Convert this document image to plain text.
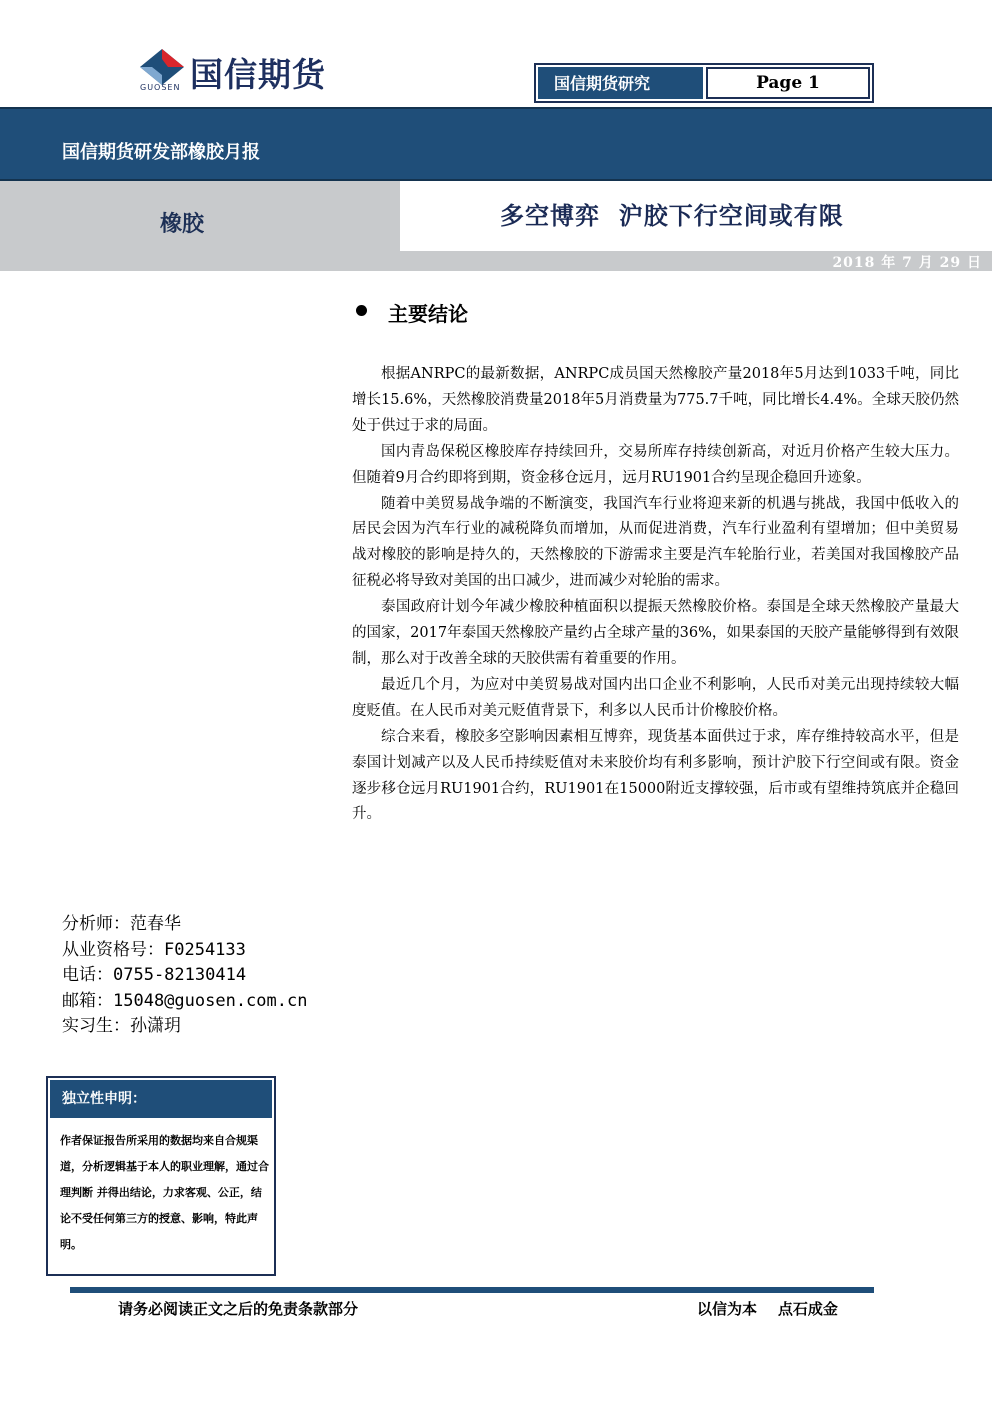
国信期货
GUOSEN	国信期货研究	Page 1
国信期货研发部橡胶月报
橡胶	多空博弈  沪胶下行空间或有限
2018 年 7 月 29 日
主要结论

根据ANRPC的最新数据，ANRPC成员国天然橡胶产量2018年5月达到1033千吨，同比增长15.6%，天然橡胶消费量2018年5月消费量为775.7千吨，同比增长4.4%。全球天胶仍然处于供过于求的局面。

国内青岛保税区橡胶库存持续回升，交易所库存持续创新高，对近月价格产生较大压力。但随着9月合约即将到期，资金移仓远月，远月RU1901合约呈现企稳回升迹象。

随着中美贸易战争端的不断演变，我国汽车行业将迎来新的机遇与挑战，我国中低收入的居民会因为汽车行业的减税降负而增加，从而促进消费，汽车行业盈利有望增加；但中美贸易战对橡胶的影响是持久的，天然橡胶的下游需求主要是汽车轮胎行业，若美国对我国橡胶产品征税必将导致对美国的出口减少，进而减少对轮胎的需求。

泰国政府计划今年减少橡胶种植面积以提振天然橡胶价格。泰国是全球天然橡胶产量最大的国家，2017年泰国天然橡胶产量约占全球产量的36%，如果泰国的天胶产量能够得到有效限制，那么对于改善全球的天胶供需有着重要的作用。

最近几个月，为应对中美贸易战对国内出口企业不利影响，人民币对美元出现持续较大幅度贬值。在人民币对美元贬值背景下，利多以人民币计价橡胶价格。

综合来看，橡胶多空影响因素相互博弈，现货基本面供过于求，库存维持较高水平，但是泰国计划减产以及人民币持续贬值对未来胶价均有利多影响，预计沪胶下行空间或有限。资金逐步移仓远月RU1901合约，RU1901在15000附近支撑较强，后市或有望维持筑底并企稳回升。

分析师：范春华
从业资格号：F0254133
电话：0755-82130414
邮箱：15048@guosen.com.cn
实习生：孙潇玥
独立性申明：
作者保证报告所采用的数据均来自合规渠道，分析逻辑基于本人的职业理解，通过合理判断 并得出结论，力求客观、公正，结论不受任何第三方的授意、影响，特此声明。
请务必阅读正文之后的免责条款部分	以信为本    点石成金
